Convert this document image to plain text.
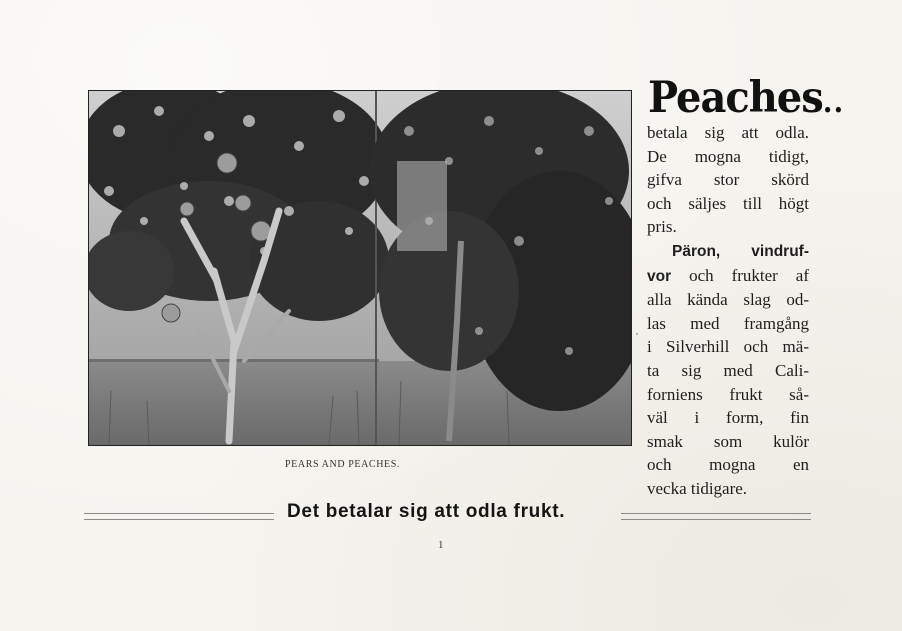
PEARS AND PEACHES.
Peaches..

betala sig att odla.
De mogna tidigt,
gifva stor skörd
och säljes till högt
pris.

Päron, vindruf-
vor och frukter af
alla kända slag od-
las med framgång
i Silverhill och mä-
ta sig med Cali-
forniens frukt så-
väl i form, fin
smak som kulör
och mogna en
vecka tidigare.

Det betalar sig att odla frukt.
1
